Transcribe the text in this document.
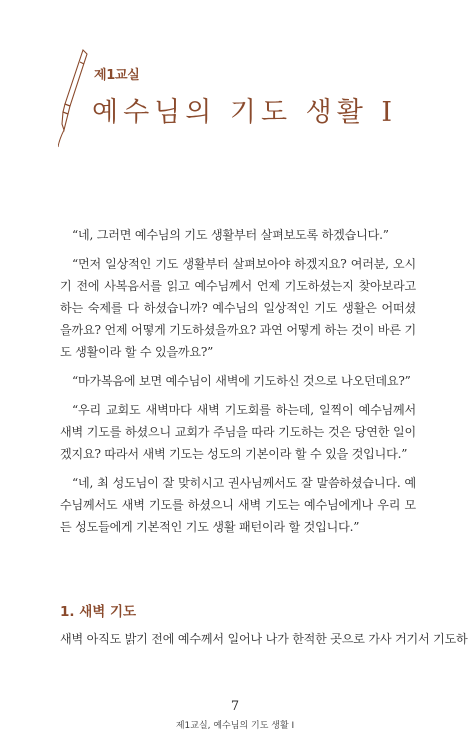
제1교실
예수님의 기도 생활 Ⅰ

“네, 그러면 예수님의 기도 생활부터 살펴보도록 하겠습니다.”

“먼저 일상적인 기도 생활부터 살펴보아야 하겠지요? 여러분, 오시기 전에 사복음서를 읽고 예수님께서 언제 기도하셨는지 찾아보라고 하는 숙제를 다 하셨습니까? 예수님의 일상적인 기도 생활은 어떠셨을까요? 언제 어떻게 기도하셨을까요? 과연 어떻게 하는 것이 바른 기도 생활이라 할 수 있을까요?”

“마가복음에 보면 예수님이 새벽에 기도하신 것으로 나오던데요?”

“우리 교회도 새벽마다 새벽 기도회를 하는데, 일찍이 예수님께서 새벽 기도를 하셨으니 교회가 주님을 따라 기도하는 것은 당연한 일이겠지요? 따라서 새벽 기도는 성도의 기본이라 할 수 있을 것입니다.”

“네, 최 성도님이 잘 맞히시고 권사님께서도 잘 말씀하셨습니다. 예수님께서도 새벽 기도를 하셨으니 새벽 기도는 예수님에게나 우리 모든 성도들에게 기본적인 기도 생활 패턴이라 할 것입니다.”

1. 새벽 기도
새벽 아직도 밝기 전에 예수께서 일어나 나가 한적한 곳으로 가사 거기서 기도하
7
제1교실, 예수님의 기도 생활 Ⅰ
